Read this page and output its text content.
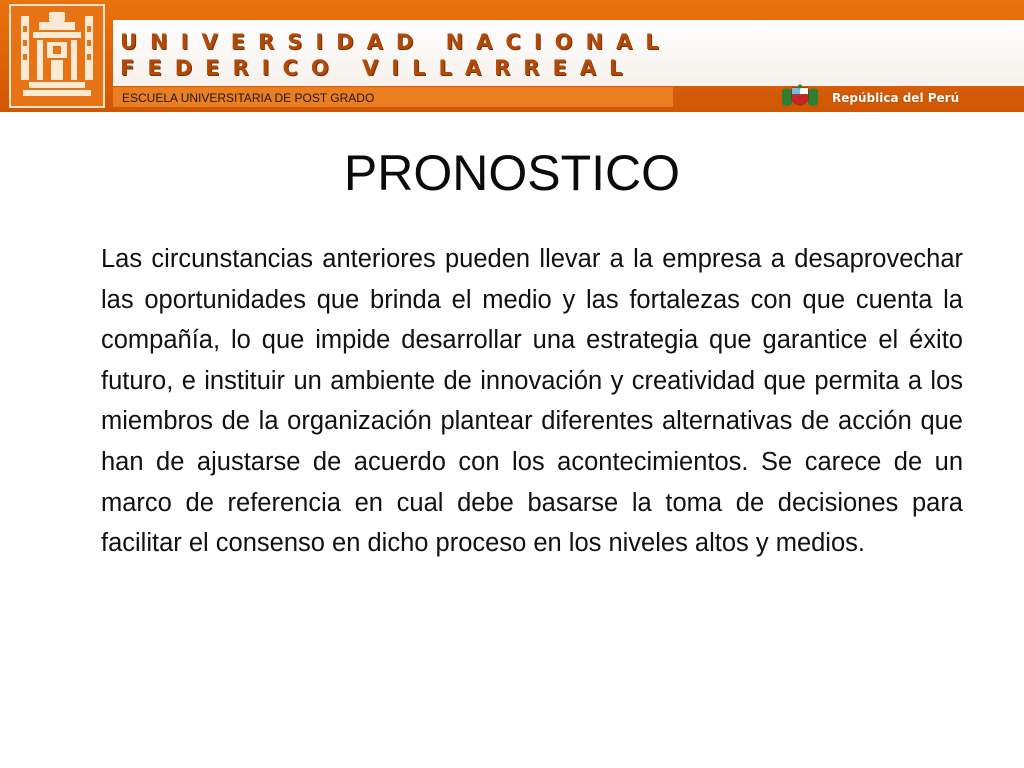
UNIVERSIDAD NACIONAL
FEDERICO VILLARREAL
ESCUELA UNIVERSITARIA DE POST GRADO	República del Perú
PRONOSTICO

Las circunstancias anteriores pueden llevar a la empresa a desaprovechar las oportunidades que brinda el medio y las fortalezas con que cuenta la compañía, lo que impide desarrollar una estrategia que garantice el éxito futuro, e instituir un ambiente de innovación y creatividad que permita a los miembros de la organización plantear diferentes alternativas de acción que han de ajustarse de acuerdo con los acontecimientos. Se carece de un marco de referencia en cual debe basarse la toma de decisiones para facilitar el consenso en dicho proceso en los niveles altos y medios.
